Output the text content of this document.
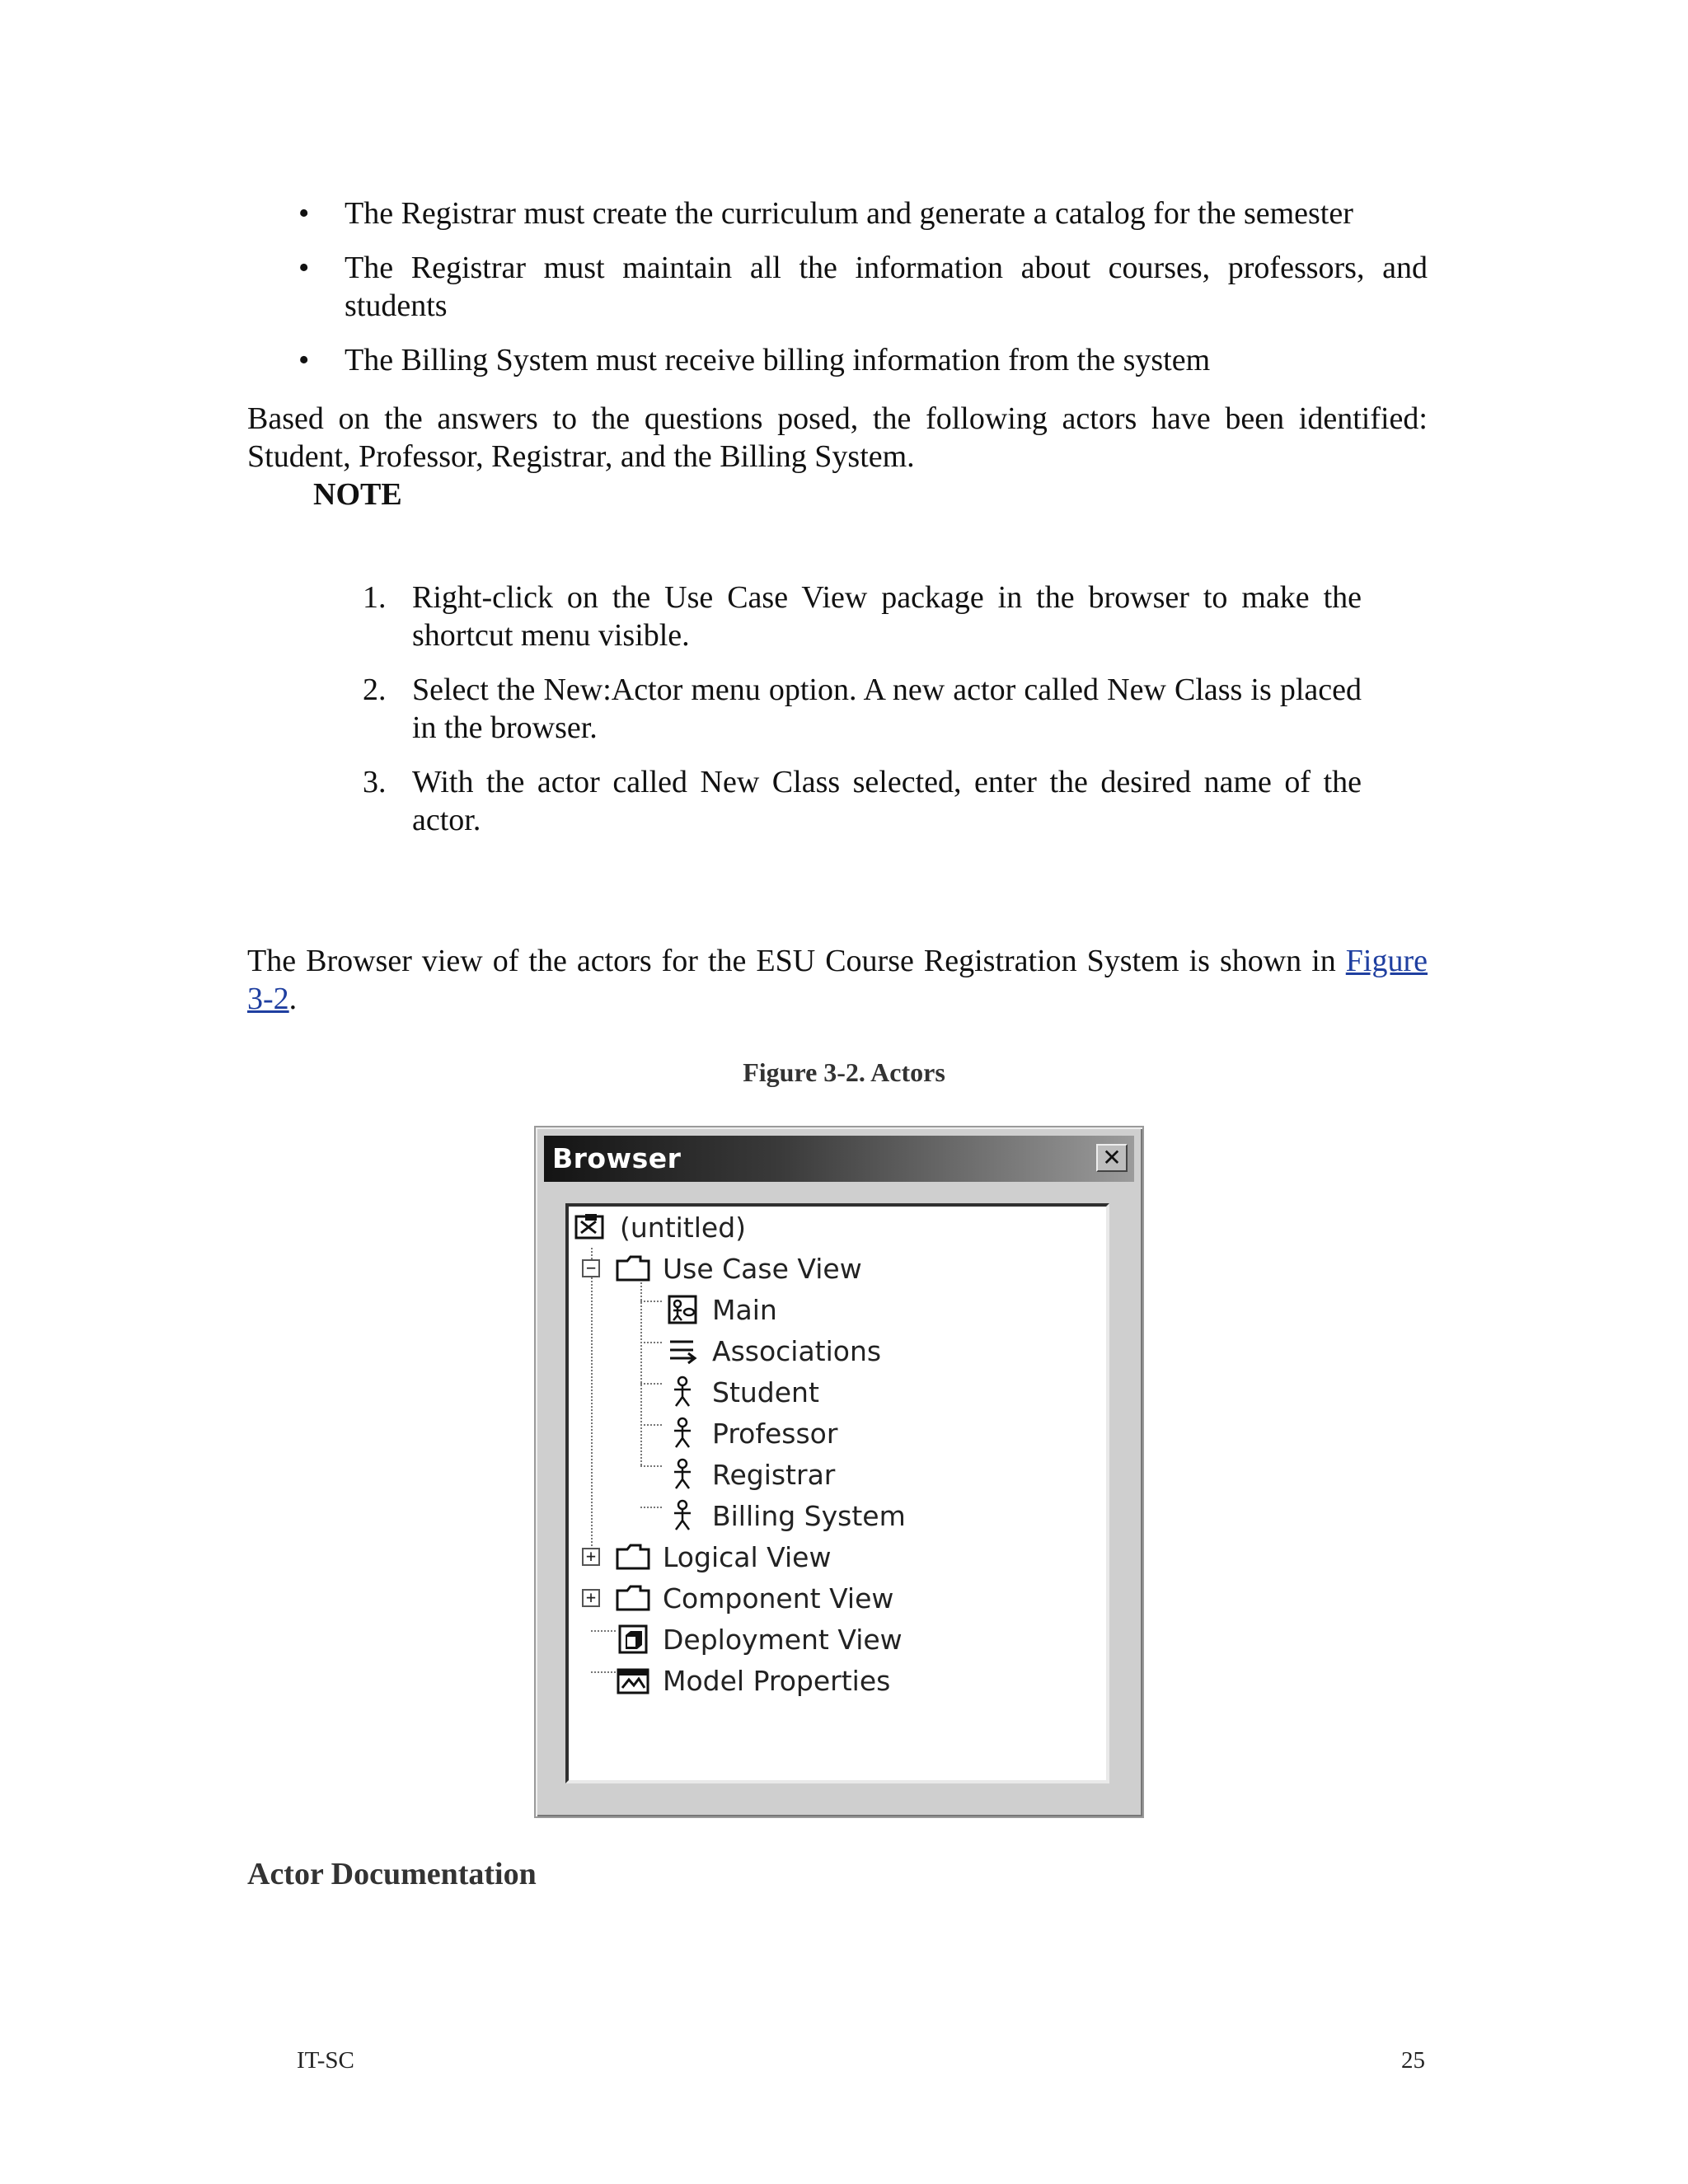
• The Registrar must create the curriculum and generate a catalog for the semester
• The Registrar must maintain all the information about courses, professors, and students
• The Billing System must receive billing information from the system

Based on the answers to the questions posed, the following actors have been identified: Student, Professor, Registrar, and the Billing System.

NOTE

1. Right-click on the Use Case View package in the browser to make the shortcut menu visible.
2. Select the New:Actor menu option. A new actor called New Class is placed in the browser.
3. With the actor called New Class selected, enter the desired name of the actor.

The Browser view of the actors for the ESU Course Registration System is shown in Figure 3-2.

Figure 3-2. Actors

Browser	✕
(untitled)
− Use Case View
Main
Associations
Student
Professor
Registrar
Billing System
+ Logical View
+ Component View
Deployment View
Model Properties
Actor Documentation
IT-SC	25
